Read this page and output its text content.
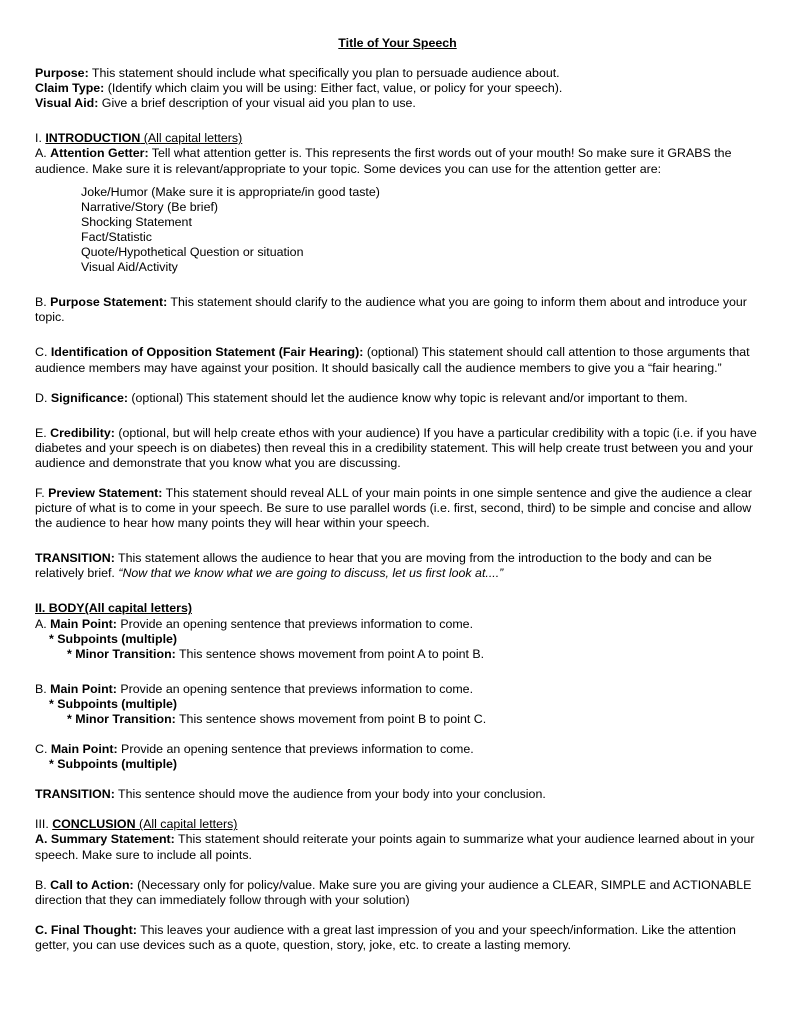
Title of Your Speech

Purpose: This statement should include what specifically you plan to persuade audience about.

Claim Type: (Identify which claim you will be using: Either fact, value, or policy for your speech).

Visual Aid: Give a brief description of your visual aid you plan to use.

I. INTRODUCTION (All capital letters)

A. Attention Getter: Tell what attention getter is. This represents the first words out of your mouth! So make sure it GRABS the audience. Make sure it is relevant/appropriate to your topic. Some devices you can use for the attention getter are:

Joke/Humor (Make sure it is appropriate/in good taste)

Narrative/Story (Be brief)

Shocking Statement

Fact/Statistic

Quote/Hypothetical Question or situation

Visual Aid/Activity

B. Purpose Statement: This statement should clarify to the audience what you are going to inform them about and introduce your topic.

C. Identification of Opposition Statement (Fair Hearing): (optional) This statement should call attention to those arguments that audience members may have against your position. It should basically call the audience members to give you a “fair hearing.”

D. Significance: (optional) This statement should let the audience know why topic is relevant and/or important to them.

E. Credibility: (optional, but will help create ethos with your audience) If you have a particular credibility with a topic (i.e. if you have diabetes and your speech is on diabetes) then reveal this in a credibility statement. This will help create trust between you and your audience and demonstrate that you know what you are discussing.

F. Preview Statement: This statement should reveal ALL of your main points in one simple sentence and give the audience a clear picture of what is to come in your speech. Be sure to use parallel words (i.e. first, second, third) to be simple and concise and allow the audience to hear how many points they will hear within your speech.

TRANSITION: This statement allows the audience to hear that you are moving from the introduction to the body and can be relatively brief. “Now that we know what we are going to discuss, let us first look at....”

II. BODY(All capital letters)

A. Main Point: Provide an opening sentence that previews information to come.

* Subpoints (multiple)

* Minor Transition: This sentence shows movement from point A to point B.

B. Main Point: Provide an opening sentence that previews information to come.

* Subpoints (multiple)

* Minor Transition: This sentence shows movement from point B to point C.

C. Main Point: Provide an opening sentence that previews information to come.

* Subpoints (multiple)

TRANSITION: This sentence should move the audience from your body into your conclusion.

III. CONCLUSION (All capital letters)

A. Summary Statement: This statement should reiterate your points again to summarize what your audience learned about in your speech. Make sure to include all points.

B. Call to Action: (Necessary only for policy/value. Make sure you are giving your audience a CLEAR, SIMPLE and ACTIONABLE direction that they can immediately follow through with your solution)

C. Final Thought: This leaves your audience with a great last impression of you and your speech/information. Like the attention getter, you can use devices such as a quote, question, story, joke, etc. to create a lasting memory.
